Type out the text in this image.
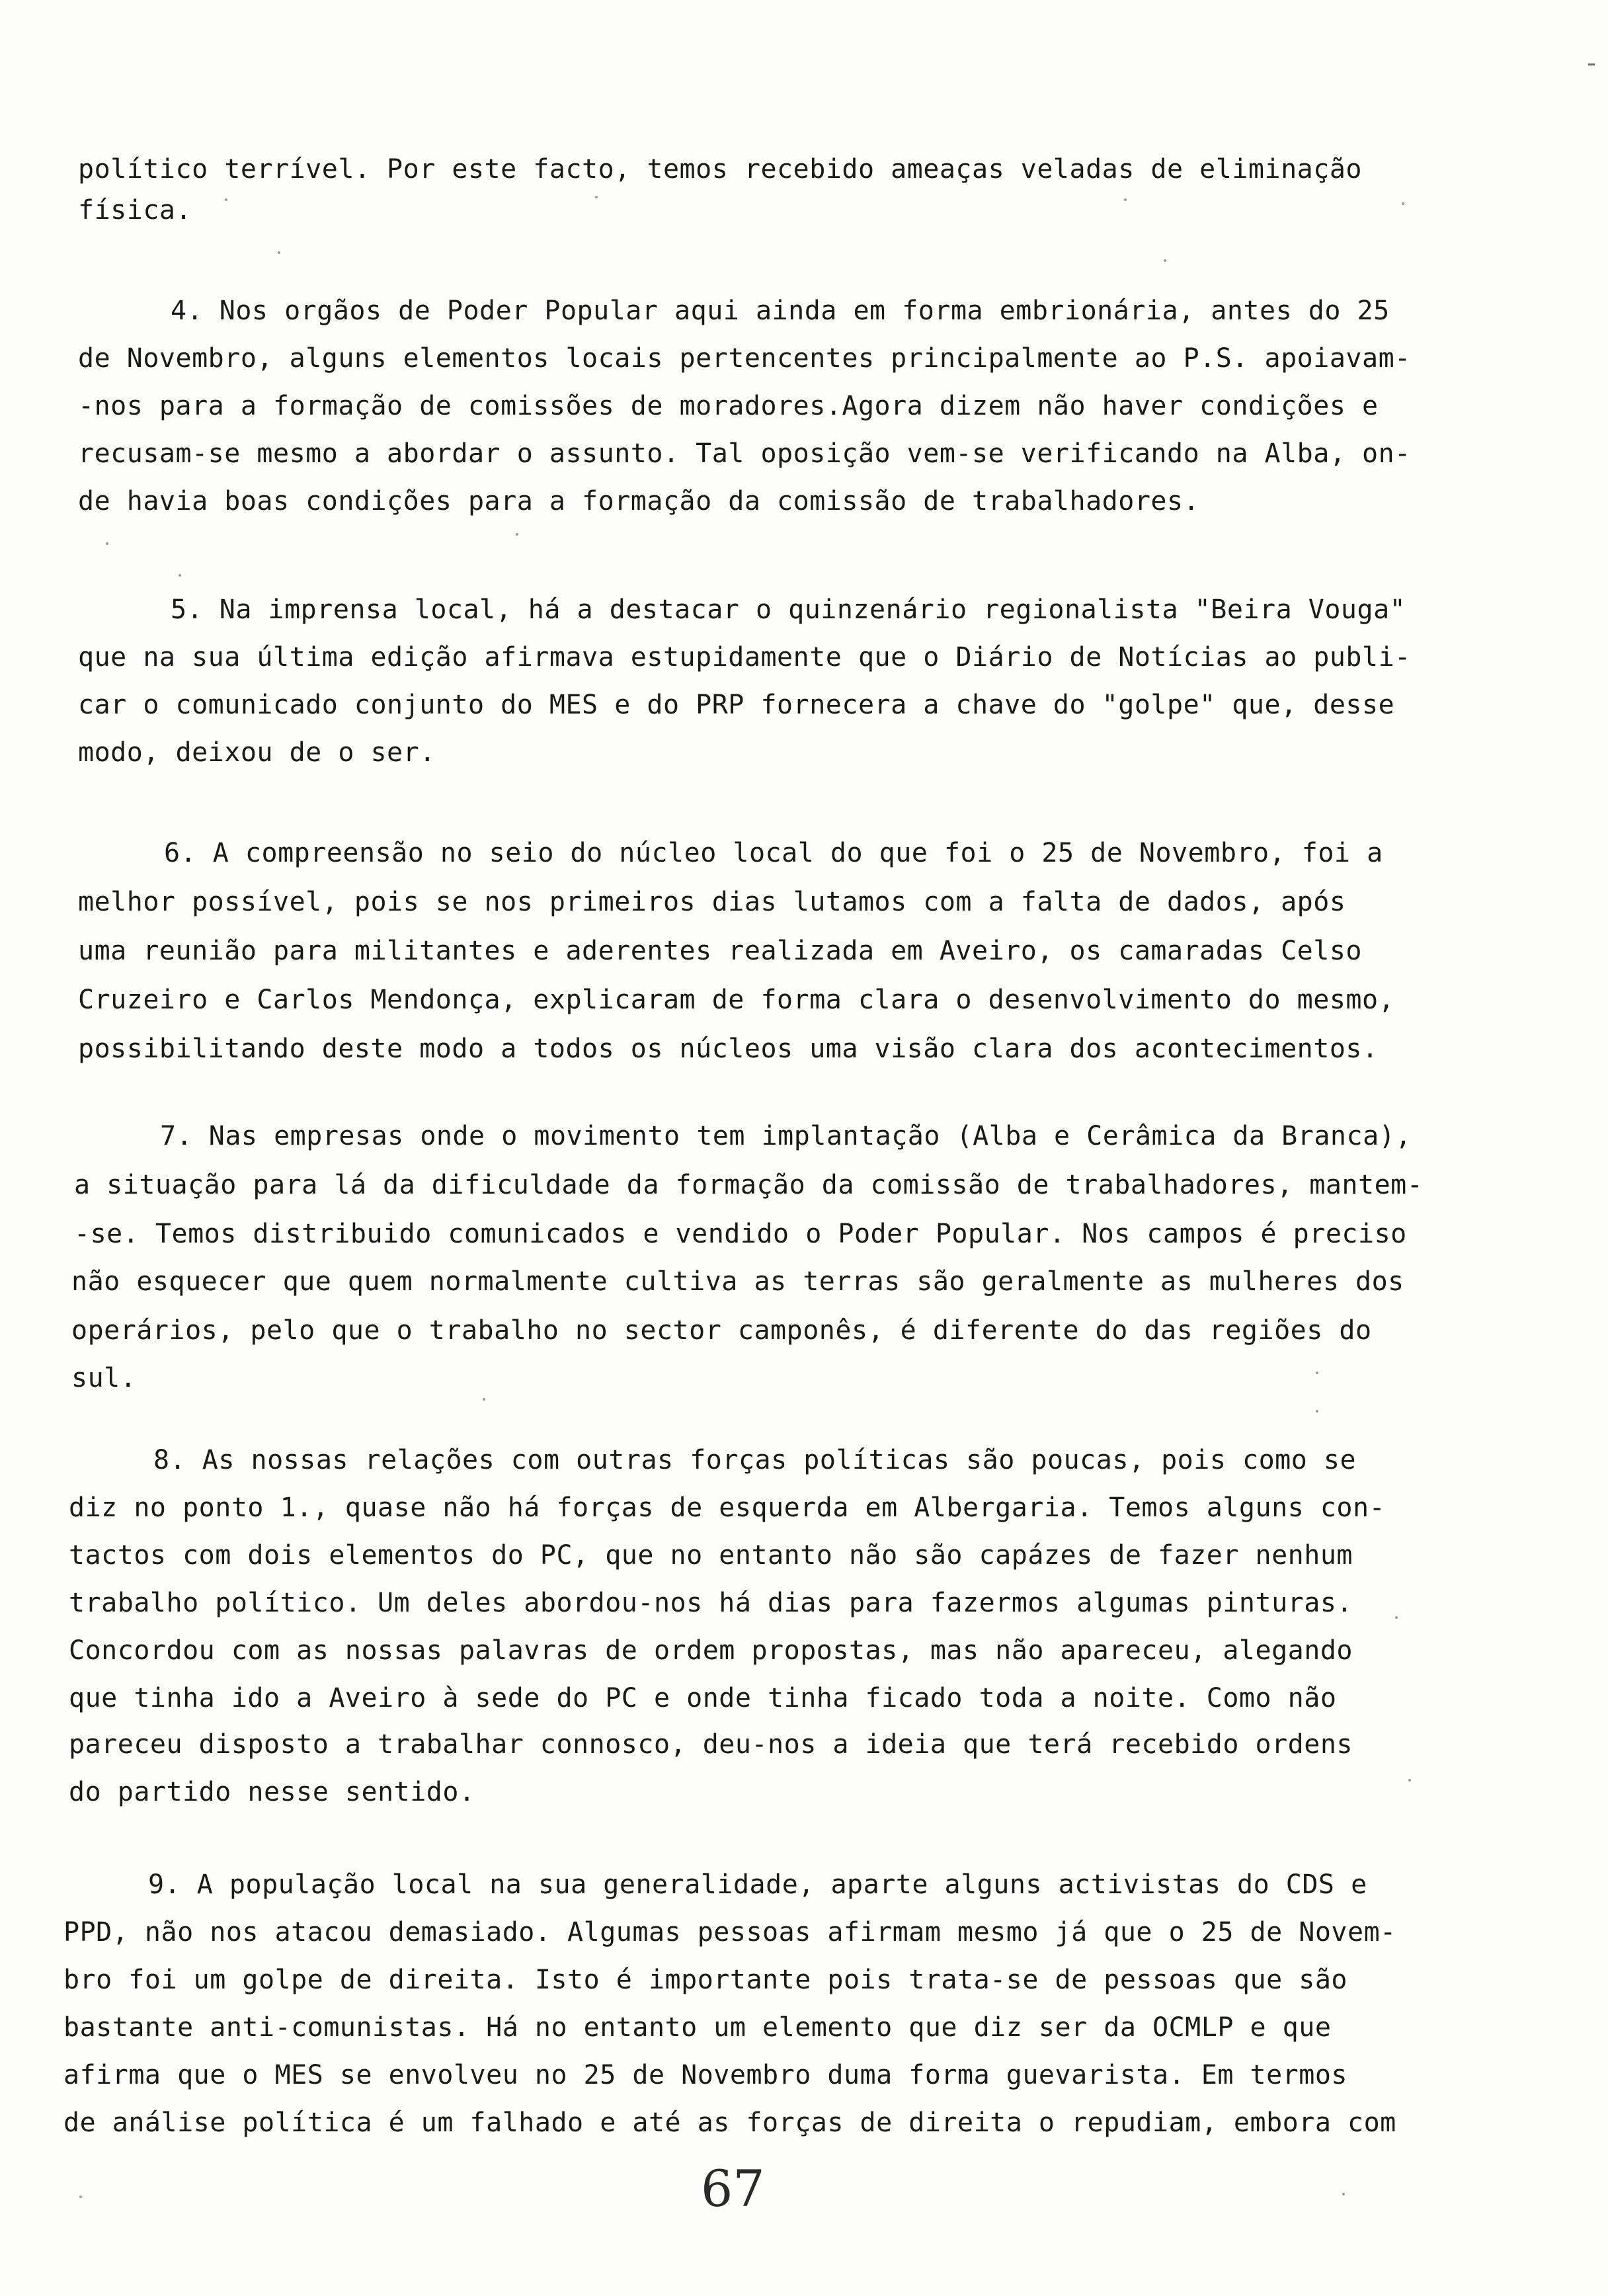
político terrível. Por este facto, temos recebido ameaças veladas de eliminação
física.
4. Nos orgãos de Poder Popular aqui ainda em forma embrionária, antes do 25
de Novembro, alguns elementos locais pertencentes principalmente ao P.S. apoiavam-
-nos para a formação de comissões de moradores.Agora dizem não haver condições e
recusam-se mesmo a abordar o assunto. Tal oposição vem-se verificando na Alba, on-
de havia boas condições para a formação da comissão de trabalhadores.
5. Na imprensa local, há a destacar o quinzenário regionalista "Beira Vouga"
que na sua última edição afirmava estupidamente que o Diário de Notícias ao publi-
car o comunicado conjunto do MES e do PRP fornecera a chave do "golpe" que, desse
modo, deixou de o ser.
6. A compreensão no seio do núcleo local do que foi o 25 de Novembro, foi a
melhor possível, pois se nos primeiros dias lutamos com a falta de dados, após
uma reunião para militantes e aderentes realizada em Aveiro, os camaradas Celso
Cruzeiro e Carlos Mendonça, explicaram de forma clara o desenvolvimento do mesmo,
possibilitando deste modo a todos os núcleos uma visão clara dos acontecimentos.
7. Nas empresas onde o movimento tem implantação (Alba e Cerâmica da Branca),
a situação para lá da dificuldade da formação da comissão de trabalhadores, mantem-
-se. Temos distribuido comunicados e vendido o Poder Popular. Nos campos é preciso
não esquecer que quem normalmente cultiva as terras são geralmente as mulheres dos
operários, pelo que o trabalho no sector camponês, é diferente do das regiões do
sul.
8. As nossas relações com outras forças políticas são poucas, pois como se
diz no ponto 1., quase não há forças de esquerda em Albergaria. Temos alguns con-
tactos com dois elementos do PC, que no entanto não são capázes de fazer nenhum
trabalho político. Um deles abordou-nos há dias para fazermos algumas pinturas.
Concordou com as nossas palavras de ordem propostas, mas não apareceu, alegando
que tinha ido a Aveiro à sede do PC e onde tinha ficado toda a noite. Como não
pareceu disposto a trabalhar connosco, deu-nos a ideia que terá recebido ordens
do partido nesse sentido.
9. A população local na sua generalidade, aparte alguns activistas do CDS e
PPD, não nos atacou demasiado. Algumas pessoas afirmam mesmo já que o 25 de Novem-
bro foi um golpe de direita. Isto é importante pois trata-se de pessoas que são
bastante anti-comunistas. Há no entanto um elemento que diz ser da OCMLP e que
afirma que o MES se envolveu no 25 de Novembro duma forma guevarista. Em termos
de análise política é um falhado e até as forças de direita o repudiam, embora com
67
